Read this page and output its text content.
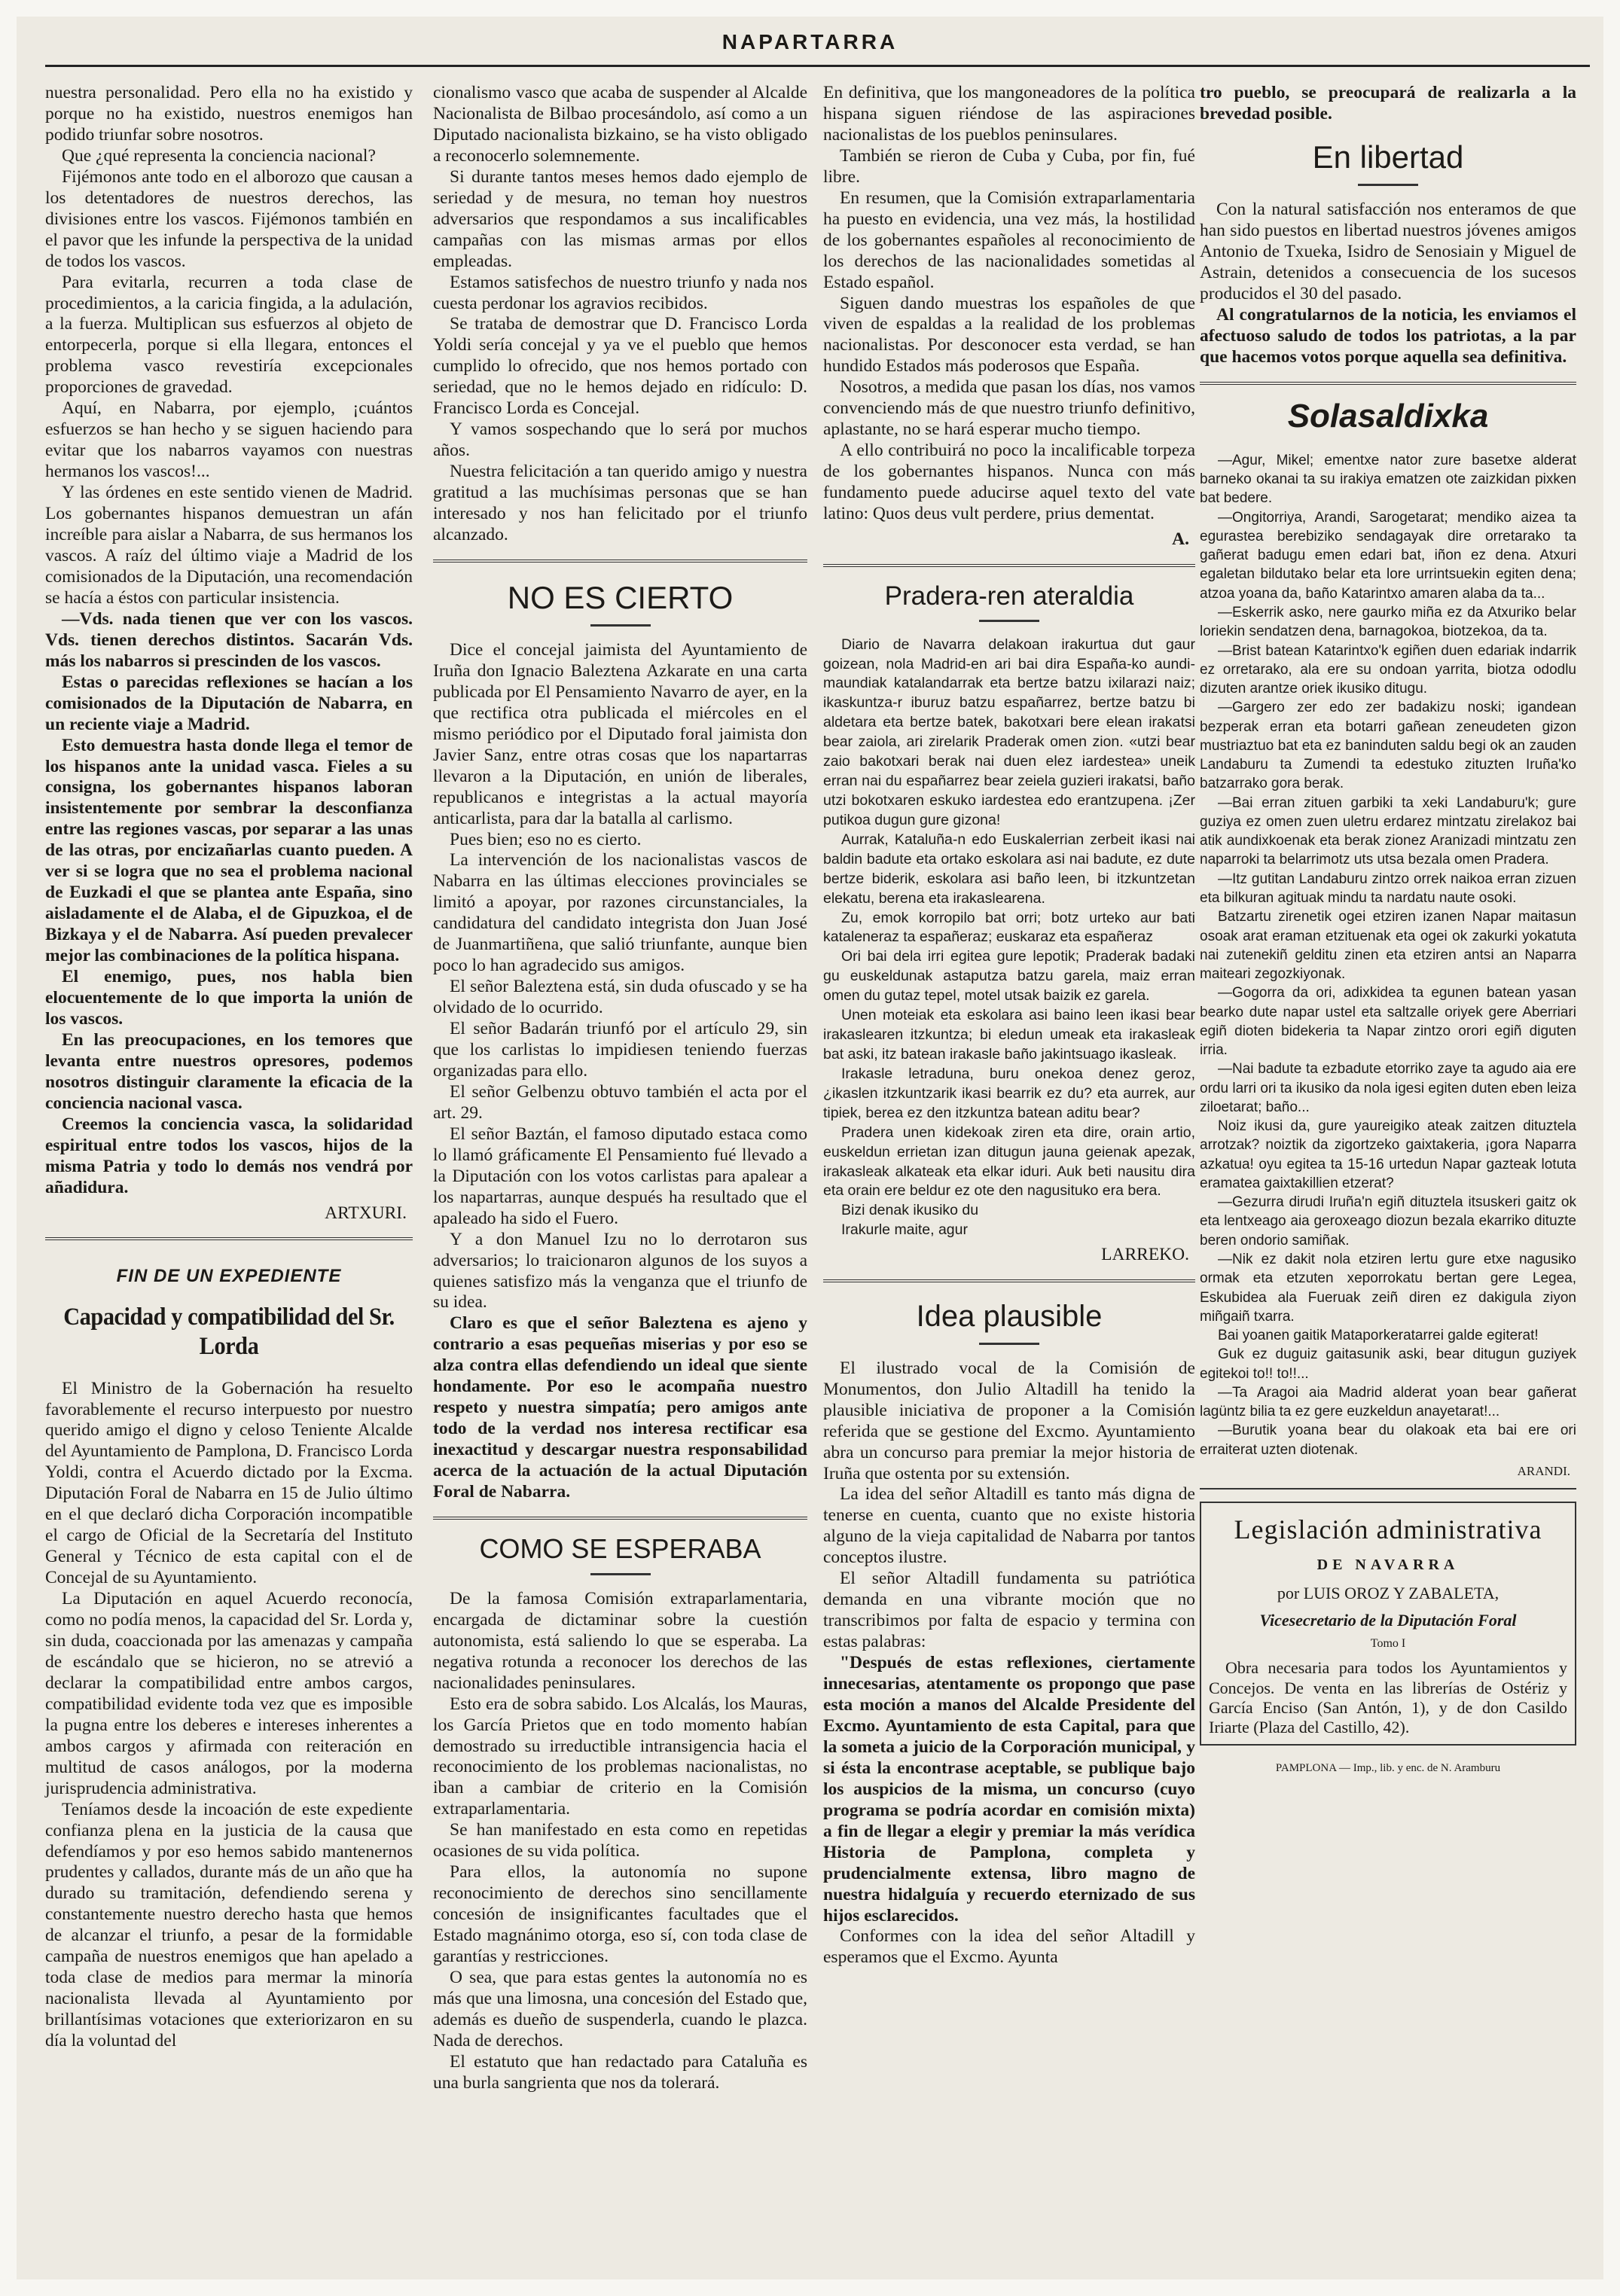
NAPARTARRA

nuestra personalidad. Pero ella no ha existido y porque no ha existido, nuestros enemigos han podido triunfar sobre nosotros.

Que ¿qué representa la conciencia nacional?

Fijémonos ante todo en el alborozo que causan a los detentadores de nuestros derechos, las divisiones entre los vascos. Fijémonos también en el pavor que les infunde la perspectiva de la unidad de todos los vascos.

Para evitarla, recurren a toda clase de procedimientos, a la caricia fingida, a la adulación, a la fuerza. Multiplican sus esfuerzos al objeto de entorpecerla, porque si ella llegara, entonces el problema vasco revestiría excepcionales proporciones de gravedad.

Aquí, en Nabarra, por ejemplo, ¡cuántos esfuerzos se han hecho y se siguen haciendo para evitar que los nabarros vayamos con nuestras hermanos los vascos!...

Y las órdenes en este sentido vienen de Madrid. Los gobernantes hispanos demuestran un afán increíble para aislar a Nabarra, de sus hermanos los vascos. A raíz del último viaje a Madrid de los comisionados de la Diputación, una recomendación se hacía a éstos con particular insistencia.

—Vds. nada tienen que ver con los vascos. Vds. tienen derechos distintos. Sacarán Vds. más los nabarros si prescinden de los vascos.

Estas o parecidas reflexiones se hacían a los comisionados de la Diputación de Nabarra, en un reciente viaje a Madrid.

Esto demuestra hasta donde llega el temor de los hispanos ante la unidad vasca. Fieles a su consigna, los gobernantes hispanos laboran insistentemente por sembrar la desconfianza entre las regiones vascas, por separar a las unas de las otras, por encizañarlas cuanto pueden. A ver si se logra que no sea el problema nacional de Euzkadi el que se plantea ante España, sino aisladamente el de Alaba, el de Gipuzkoa, el de Bizkaya y el de Nabarra. Así pueden prevalecer mejor las combinaciones de la política hispana.

El enemigo, pues, nos habla bien elocuentemente de lo que importa la unión de los vascos.

En las preocupaciones, en los temores que levanta entre nuestros opresores, podemos nosotros distinguir claramente la eficacia de la conciencia nacional vasca.

Creemos la conciencia vasca, la solidaridad espiritual entre todos los vascos, hijos de la misma Patria y todo lo demás nos vendrá por añadidura.

ARTXURI.

FIN DE UN EXPEDIENTE
Capacidad y compatibilidad del Sr. Lorda

El Ministro de la Gobernación ha resuelto favorablemente el recurso interpuesto por nuestro querido amigo el digno y celoso Teniente Alcalde del Ayuntamiento de Pamplona, D. Francisco Lorda Yoldi, contra el Acuerdo dictado por la Excma. Diputación Foral de Nabarra en 15 de Julio último en el que declaró dicha Corporación incompatible el cargo de Oficial de la Secretaría del Instituto General y Técnico de esta capital con el de Concejal de su Ayuntamiento.

La Diputación en aquel Acuerdo reconocía, como no podía menos, la capacidad del Sr. Lorda y, sin duda, coaccionada por las amenazas y campaña de escándalo que se hicieron, no se atrevió a declarar la compatibilidad entre ambos cargos, compatibilidad evidente toda vez que es imposible la pugna entre los deberes e intereses inherentes a ambos cargos y afirmada con reiteración en multitud de casos análogos, por la moderna jurisprudencia administrativa.

Teníamos desde la incoación de este expediente confianza plena en la justicia de la causa que defendíamos y por eso hemos sabido mantenernos prudentes y callados, durante más de un año que ha durado su tramitación, defendiendo serena y constantemente nuestro derecho hasta que hemos de alcanzar el triunfo, a pesar de la formidable campaña de nuestros enemigos que han apelado a toda clase de medios para mermar la minoría nacionalista llevada al Ayuntamiento por brillantísimas votaciones que exteriorizaron en su día la voluntad del

cionalismo vasco que acaba de suspender al Alcalde Nacionalista de Bilbao procesándolo, así como a un Diputado nacionalista bizkaino, se ha visto obligado a reconocerlo solemnemente.

Si durante tantos meses hemos dado ejemplo de seriedad y de mesura, no teman hoy nuestros adversarios que respondamos a sus incalificables campañas con las mismas armas por ellos empleadas.

Estamos satisfechos de nuestro triunfo y nada nos cuesta perdonar los agravios recibidos.

Se trataba de demostrar que D. Francisco Lorda Yoldi sería concejal y ya ve el pueblo que hemos cumplido lo ofrecido, que nos hemos portado con seriedad, que no le hemos dejado en ridículo: D. Francisco Lorda es Concejal.

Y vamos sospechando que lo será por muchos años.

Nuestra felicitación a tan querido amigo y nuestra gratitud a las muchísimas personas que se han interesado y nos han felicitado por el triunfo alcanzado.

NO ES CIERTO

Dice el concejal jaimista del Ayuntamiento de Iruña don Ignacio Baleztena Azkarate en una carta publicada por El Pensamiento Navarro de ayer, en la que rectifica otra publicada el miércoles en el mismo periódico por el Diputado foral jaimista don Javier Sanz, entre otras cosas que los napartarras llevaron a la Diputación, en unión de liberales, republicanos e integristas a la actual mayoría anticarlista, para dar la batalla al carlismo.

Pues bien; eso no es cierto.

La intervención de los nacionalistas vascos de Nabarra en las últimas elecciones provinciales se limitó a apoyar, por razones circunstanciales, la candidatura del candidato integrista don Juan José de Juanmartiñena, que salió triunfante, aunque bien poco lo han agradecido sus amigos.

El señor Baleztena está, sin duda ofuscado y se ha olvidado de lo ocurrido.

El señor Badarán triunfó por el artículo 29, sin que los carlistas lo impidiesen teniendo fuerzas organizadas para ello.

El señor Gelbenzu obtuvo también el acta por el art. 29.

El señor Baztán, el famoso diputado estaca como lo llamó gráficamente El Pensamiento fué llevado a la Diputación con los votos carlistas para apalear a los napartarras, aunque después ha resultado que el apaleado ha sido el Fuero.

Y a don Manuel Izu no lo derrotaron sus adversarios; lo traicionaron algunos de los suyos a quienes satisfizo más la venganza que el triunfo de su idea.

Claro es que el señor Baleztena es ajeno y contrario a esas pequeñas miserias y por eso se alza contra ellas defendiendo un ideal que siente hondamente. Por eso le acompaña nuestro respeto y nuestra simpatía; pero amigos ante todo de la verdad nos interesa rectificar esa inexactitud y descargar nuestra responsabilidad acerca de la actuación de la actual Diputación Foral de Nabarra.

COMO SE ESPERABA

De la famosa Comisión extraparlamentaria, encargada de dictaminar sobre la cuestión autonomista, está saliendo lo que se esperaba. La negativa rotunda a reconocer los derechos de las nacionalidades peninsulares.

Esto era de sobra sabido. Los Alcalás, los Mauras, los García Prietos que en todo momento habían demostrado su irreductible intransigencia hacia el reconocimiento de los problemas nacionalistas, no iban a cambiar de criterio en la Comisión extraparlamentaria.

Se han manifestado en esta como en repetidas ocasiones de su vida política.

Para ellos, la autonomía no supone reconocimiento de derechos sino sencillamente concesión de insignificantes facultades que el Estado magnánimo otorga, eso sí, con toda clase de garantías y restricciones.

O sea, que para estas gentes la autonomía no es más que una limosna, una concesión del Estado que, además es dueño de suspenderla, cuando le plazca. Nada de derechos.

El estatuto que han redactado para Cataluña es una burla sangrienta que nos da tolerará.

En definitiva, que los mangoneadores de la política hispana siguen riéndose de las aspiraciones nacionalistas de los pueblos peninsulares.

También se rieron de Cuba y Cuba, por fin, fué libre.

En resumen, que la Comisión extraparlamentaria ha puesto en evidencia, una vez más, la hostilidad de los gobernantes españoles al reconocimiento de los derechos de las nacionalidades sometidas al Estado español.

Siguen dando muestras los españoles de que viven de espaldas a la realidad de los problemas nacionalistas. Por desconocer esta verdad, se han hundido Estados más poderosos que España.

Nosotros, a medida que pasan los días, nos vamos convenciendo más de que nuestro triunfo definitivo, aplastante, no se hará esperar mucho tiempo.

A ello contribuirá no poco la incalificable torpeza de los gobernantes hispanos. Nunca con más fundamento puede aducirse aquel texto del vate latino: Quos deus vult perdere, prius dementat.

A.

Pradera-ren ateraldia

Diario de Navarra delakoan irakurtua dut gaur goizean, nola Madrid-en ari bai dira España-ko aundi-maundiak katalandarrak eta bertze batzu ixilarazi naiz; ikaskuntza-r iburuz batzu españarrez, bertze batzu bi aldetara eta bertze batek, bakotxari bere elean irakatsi bear zaiola, ari zirelarik Praderak omen zion. «utzi bear zaio bakotxari berak nai duen elez iardestea» uneik erran nai du españarrez bear zeiela guzieri irakatsi, baño utzi bokotxaren eskuko iardestea edo erantzupena. ¡Zer putikoa dugun gure gizona!

Aurrak, Kataluña-n edo Euskalerrian zerbeit ikasi nai baldin badute eta ortako eskolara asi nai badute, ez dute bertze biderik, eskolara asi baño leen, bi itzkuntzetan elekatu, berena eta irakaslearena.

Zu, emok korropilo bat orri; botz urteko aur bati kataleneraz ta españeraz; euskaraz eta españeraz

Ori bai dela irri egitea gure lepotik; Praderak badaki gu euskeldunak astaputza batzu garela, maiz erran omen du gutaz tepel, motel utsak baizik ez garela.

Unen moteiak eta eskolara asi baino leen ikasi bear irakaslearen itzkuntza; bi eledun umeak eta irakasleak bat aski, itz batean irakasle baño jakintsuago ikasleak.

Irakasle letraduna, buru onekoa denez geroz, ¿ikaslen itzkuntzarik ikasi bearrik ez du? eta aurrek, aur tipiek, berea ez den itzkuntza batean aditu bear?

Pradera unen kidekoak ziren eta dire, orain artio, euskeldun errietan izan ditugun jauna geienak apezak, irakasleak alkateak eta elkar iduri. Auk beti nausitu dira eta orain ere beldur ez ote den nagusituko era bera.

Bizi denak ikusiko du

Irakurle maite, agur

LARREKO.

Idea plausible

El ilustrado vocal de la Comisión de Monumentos, don Julio Altadill ha tenido la plausible iniciativa de proponer a la Comisión referida que se gestione del Excmo. Ayuntamiento abra un concurso para premiar la mejor historia de Iruña que ostenta por su extensión.

La idea del señor Altadill es tanto más digna de tenerse en cuenta, cuanto que no existe historia alguno de la vieja capitalidad de Nabarra por tantos conceptos ilustre.

El señor Altadill fundamenta su patriótica demanda en una vibrante moción que no transcribimos por falta de espacio y termina con estas palabras:

"Después de estas reflexiones, ciertamente innecesarias, atentamente os propongo que pase esta moción a manos del Alcalde Presidente del Excmo. Ayuntamiento de esta Capital, para que la someta a juicio de la Corporación municipal, y si ésta la encontrase aceptable, se publique bajo los auspicios de la misma, un concurso (cuyo programa se podría acordar en comisión mixta) a fin de llegar a elegir y premiar la más verídica Historia de Pamplona, completa y prudencialmente extensa, libro magno de nuestra hidalguía y recuerdo eternizado de sus hijos esclarecidos.

Conformes con la idea del señor Altadill y esperamos que el Excmo. Ayunta

tro pueblo, se preocupará de realizarla a la brevedad posible.

En libertad

Con la natural satisfacción nos enteramos de que han sido puestos en libertad nuestros jóvenes amigos Antonio de Txueka, Isidro de Senosiain y Miguel de Astrain, detenidos a consecuencia de los sucesos producidos el 30 del pasado.

Al congratularnos de la noticia, les enviamos el afectuoso saludo de todos los patriotas, a la par que hacemos votos porque aquella sea definitiva.

Solasaldixka

—Agur, Mikel; ementxe nator zure basetxe alderat barneko okanai ta su irakiya ematzen ote zaizkidan pixken bat bedere.

—Ongitorriya, Arandi, Sarogetarat; mendiko aizea ta egurastea berebiziko sendagayak dire orretarako ta gañerat badugu emen edari bat, iñon ez dena. Atxuri egaletan bildutako belar eta lore urrintsuekin egiten dena; atzoa yoana da, baño Katarintxo amaren alaba da ta...

—Eskerrik asko, nere gaurko miña ez da Atxuriko belar loriekin sendatzen dena, barnagokoa, biotzekoa, da ta.

—Brist batean Katarintxo'k egiñen duen edariak indarrik ez orretarako, ala ere su ondoan yarrita, biotza ododlu dizuten arantze oriek ikusiko ditugu.

—Gargero zer edo zer badakizu noski; igandean bezperak erran eta botarri gañean zeneudeten gizon mustriaztuo bat eta ez baninduten saldu begi ok an zauden Landaburu ta Zumendi ta edestuko zituzten Iruña'ko batzarrako gora berak.

—Bai erran zituen garbiki ta xeki Landaburu'k; gure guziya ez omen zuen uletru erdarez mintzatu zirelakoz bai atik aundixkoenak eta berak zionez Aranizadi mintzatu zen naparroki ta belarrimotz uts utsa bezala omen Pradera.

—Itz gutitan Landaburu zintzo orrek naikoa erran zizuen eta bilkuran agituak mindu ta nardatu naute osoki.

Batzartu zirenetik ogei etziren izanen Napar maitasun osoak arat eraman etzituenak eta ogei ok zakurki yokatuta nai zutenekiñ gelditu zinen eta etziren antsi an Naparra maiteari zegozkiyonak.

—Gogorra da ori, adixkidea ta egunen batean yasan bearko dute napar ustel eta saltzalle oriyek gere Aberriari egiñ dioten bidekeria ta Napar zintzo orori egiñ diguten irria.

—Nai badute ta ezbadute etorriko zaye ta agudo aia ere ordu larri ori ta ikusiko da nola igesi egiten duten eben leiza ziloetarat; baño...

Noiz ikusi da, gure yaureigiko ateak zaitzen dituztela arrotzak? noiztik da zigortzeko gaixtakeria, ¡gora Naparra azkatua! oyu egitea ta 15-16 urtedun Napar gazteak lotuta eramatea gaixtakillien etzerat?

—Gezurra dirudi Iruña'n egiñ dituztela itsuskeri gaitz ok eta lentxeago aia geroxeago diozun bezala ekarriko dituzte beren ondorio samiñak.

—Nik ez dakit nola etziren lertu gure etxe nagusiko ormak eta etzuten xeporrokatu bertan gere Legea, Eskubidea ala Fueruak zeiñ diren ez dakigula ziyon miñgaiñ txarra.

Bai yoanen gaitik Mataporkeratarrei galde egiterat!

Guk ez duguiz gaitasunik aski, bear ditugun guziyek egitekoi to!! to!!...

—Ta Aragoi aia Madrid alderat yoan bear gañerat lagüntz bilia ta ez gere euzkeldun anayetarat!...

—Burutik yoana bear du olakoak eta bai ere ori erraiterat uzten diotenak.

ARANDI.

Legislación administrativa
DE NAVARRA
por LUIS OROZ Y ZABALETA,
Vicesecretario de la Diputación Foral
Tomo I
Obra necesaria para todos los Ayuntamientos y Concejos. De venta en las librerías de Ostériz y García Enciso (San Antón, 1), y de don Casildo Iriarte (Plaza del Castillo, 42).
PAMPLONA — Imp., lib. y enc. de N. Aramburu
